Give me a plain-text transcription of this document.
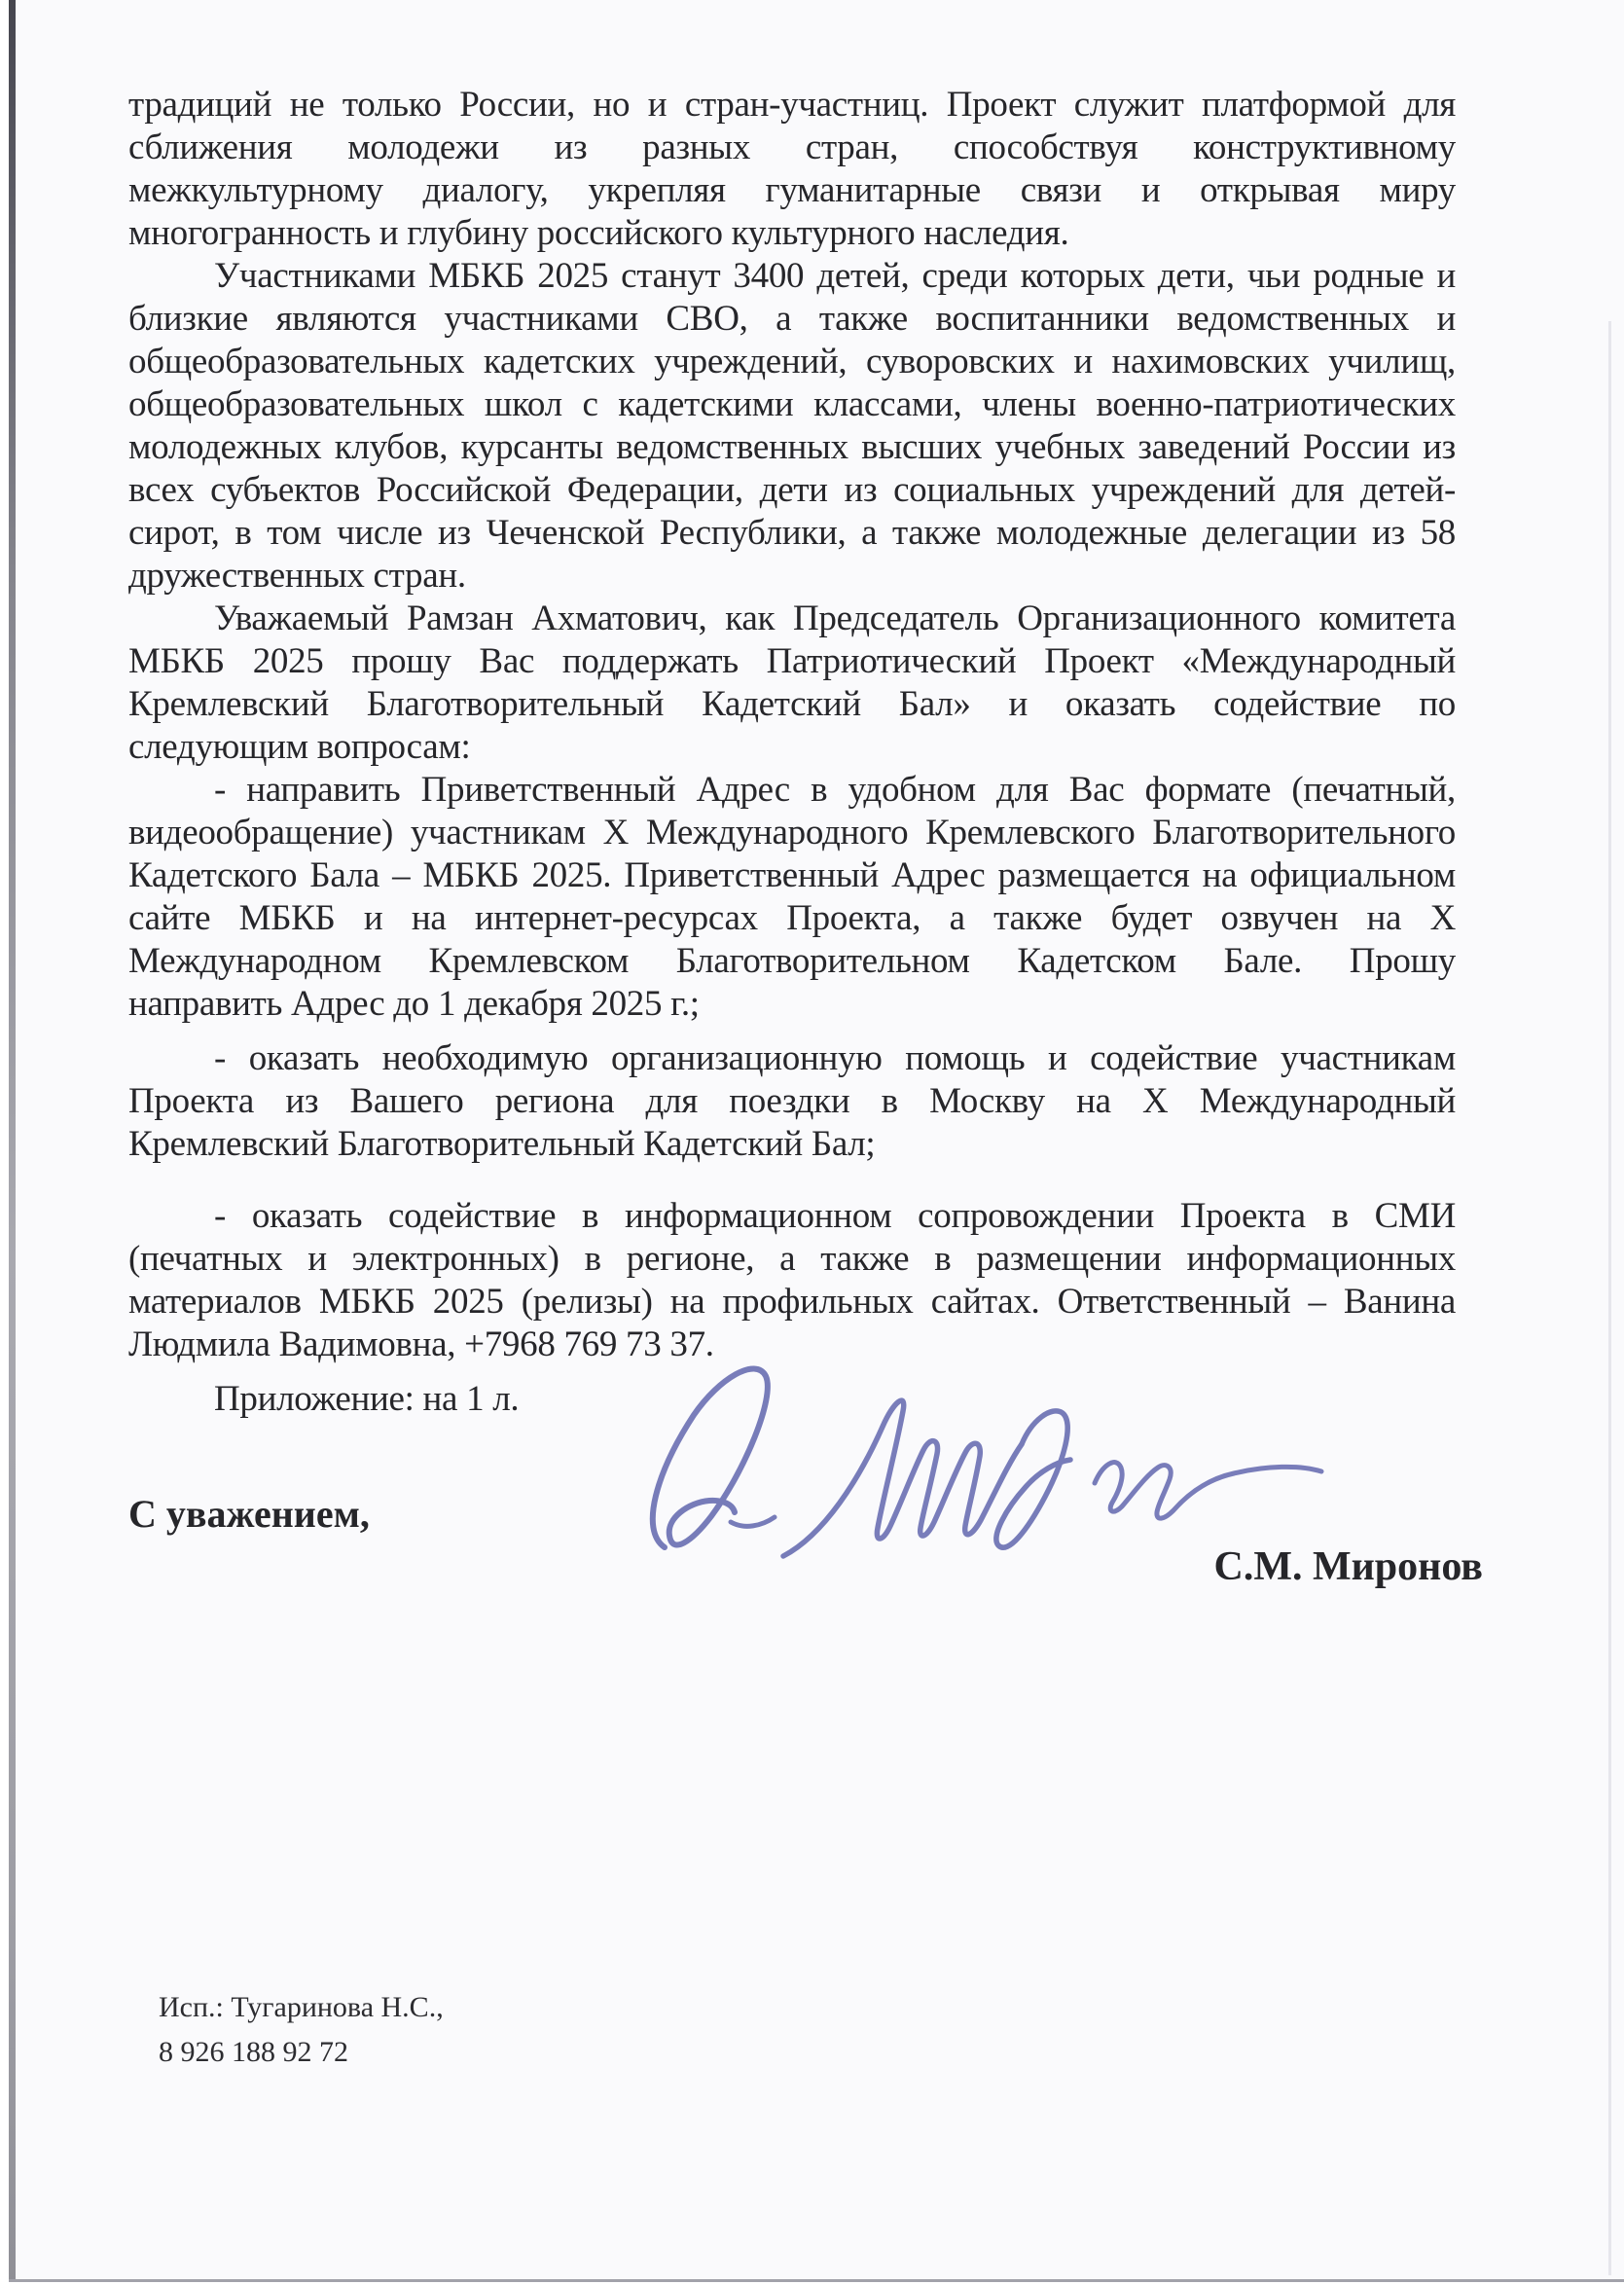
традиций не только России, но и стран-участниц. Проект служит платформой для
сближения молодежи из разных стран, способствуя конструктивному
межкультурному диалогу, укрепляя гуманитарные связи и открывая миру
многогранность и глубину российского культурного наследия.
Участниками МБКБ 2025 станут 3400 детей, среди которых дети, чьи родные и
близкие являются участниками СВО, а также воспитанники ведомственных и
общеобразовательных кадетских учреждений, суворовских и нахимовских училищ,
общеобразовательных школ с кадетскими классами, члены военно-патриотических
молодежных клубов, курсанты ведомственных высших учебных заведений России из
всех субъектов Российской Федерации, дети из социальных учреждений для детей-
сирот, в том числе из Чеченской Республики, а также молодежные делегации из 58
дружественных стран.
Уважаемый Рамзан Ахматович, как Председатель Организационного комитета
МБКБ 2025 прошу Вас поддержать Патриотический Проект «Международный
Кремлевский Благотворительный Кадетский Бал» и оказать содействие по
следующим вопросам:
- направить Приветственный Адрес в удобном для Вас формате (печатный,
видеообращение) участникам X Международного Кремлевского Благотворительного
Кадетского Бала – МБКБ 2025. Приветственный Адрес размещается на официальном
сайте МБКБ и на интернет-ресурсах Проекта, а также будет озвучен на X
Международном Кремлевском Благотворительном Кадетском Бале. Прошу
направить Адрес до 1 декабря 2025 г.;
- оказать необходимую организационную помощь и содействие участникам
Проекта из Вашего региона для поездки в Москву на X Международный
Кремлевский Благотворительный Кадетский Бал;
- оказать содействие в информационном сопровождении Проекта в СМИ
(печатных и электронных) в регионе, а также в размещении информационных
материалов МБКБ 2025 (релизы) на профильных сайтах. Ответственный – Ванина
Людмила Вадимовна, +7968 769 73 37.
Приложение: на 1 л.
С уважением,
С.М. Миронов
Исп.: Тугаринова Н.С.,
8 926 188 92 72
